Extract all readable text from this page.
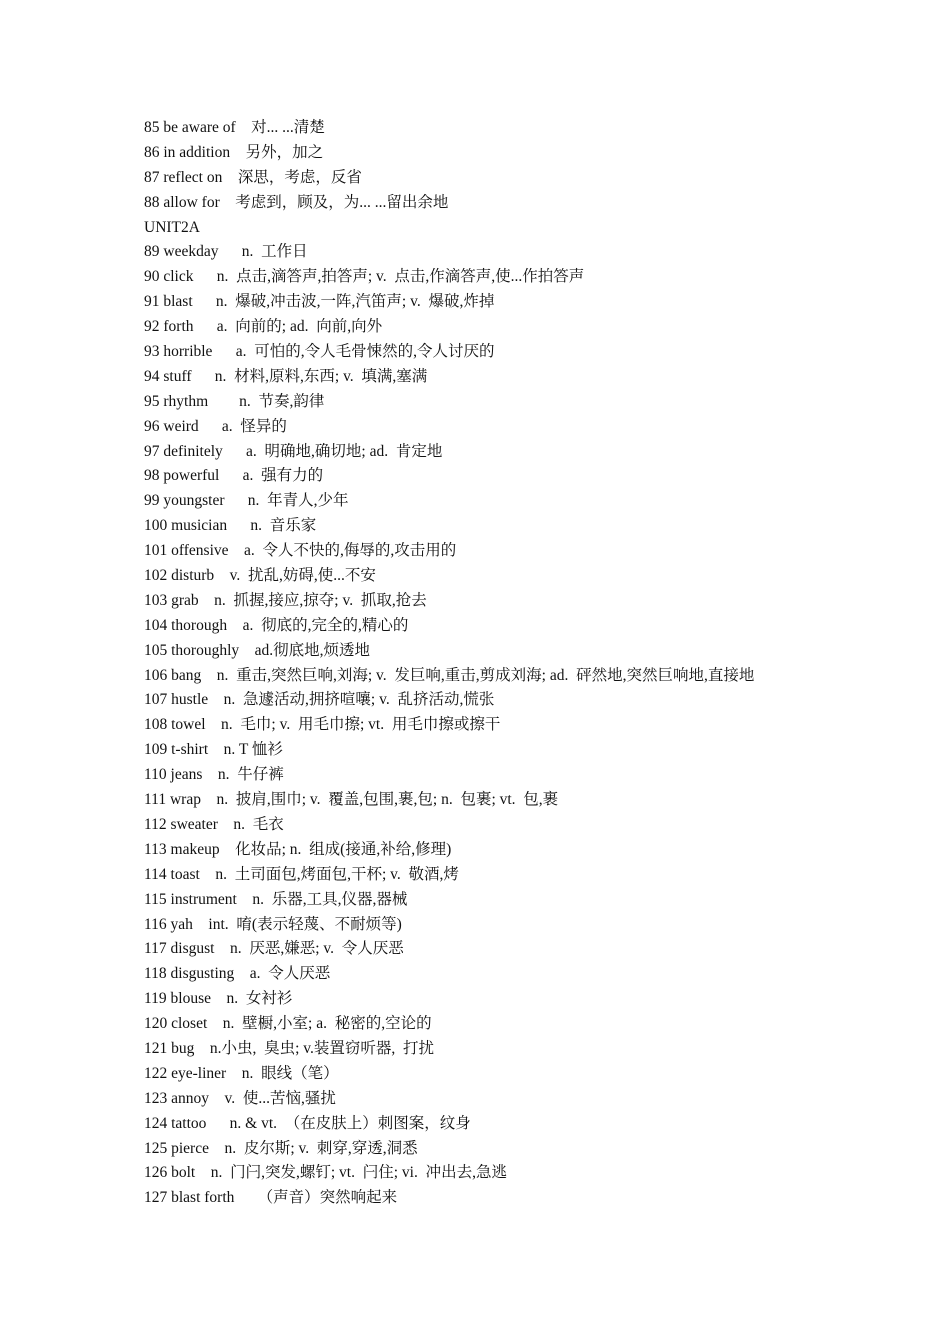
85 be aware of    对... ...清楚
86 in addition    另外，加之
87 reflect on    深思，考虑，反省
88 allow for    考虑到，顾及，为... ...留出余地
UNIT2A
89 weekday      n.  工作日
90 click      n.  点击,滴答声,拍答声; v.  点击,作滴答声,使...作拍答声
91 blast      n.  爆破,冲击波,一阵,汽笛声; v.  爆破,炸掉
92 forth      a.  向前的; ad.  向前,向外
93 horrible      a.  可怕的,令人毛骨悚然的,令人讨厌的
94 stuff      n.  材料,原料,东西; v.  填满,塞满
95 rhythm        n.  节奏,韵律
96 weird      a.  怪异的
97 definitely      a.  明确地,确切地; ad.  肯定地
98 powerful      a.  强有力的
99 youngster      n.  年青人,少年
100 musician      n.  音乐家
101 offensive    a.  令人不快的,侮辱的,攻击用的
102 disturb    v.  扰乱,妨碍,使...不安
103 grab    n.  抓握,接应,掠夺; v.  抓取,抢去
104 thorough    a.  彻底的,完全的,精心的
105 thoroughly    ad.彻底地,烦透地
106 bang    n.  重击,突然巨响,刘海; v.  发巨响,重击,剪成刘海; ad.  砰然地,突然巨响地,直接地
107 hustle    n.  急遽活动,拥挤喧嚷; v.  乱挤活动,慌张
108 towel    n.  毛巾; v.  用毛巾擦; vt.  用毛巾擦或擦干
109 t-shirt    n. T 恤衫
110 jeans    n.  牛仔裤
111 wrap    n.  披肩,围巾; v.  覆盖,包围,裹,包; n.  包裹; vt.  包,裹
112 sweater    n.  毛衣
113 makeup    化妆品; n.  组成(接通,补给,修理)
114 toast    n.  土司面包,烤面包,干杯; v.  敬酒,烤
115 instrument    n.  乐器,工具,仪器,器械
116 yah    int.  唷(表示轻蔑、不耐烦等)
117 disgust    n.  厌恶,嫌恶; v.  令人厌恶
118 disgusting    a.  令人厌恶
119 blouse    n.  女衬衫
120 closet    n.  壁橱,小室; a.  秘密的,空论的
121 bug    n.小虫,  臭虫; v.装置窃听器,  打扰
122 eye-liner    n.  眼线（笔）
123 annoy    v.  使...苦恼,骚扰
124 tattoo      n. & vt.  （在皮肤上）刺图案，纹身
125 pierce    n.  皮尔斯; v.  刺穿,穿透,洞悉
126 bolt    n.  门闩,突发,螺钉; vt.  闩住; vi.  冲出去,急逃
127 blast forth      （声音）突然响起来
